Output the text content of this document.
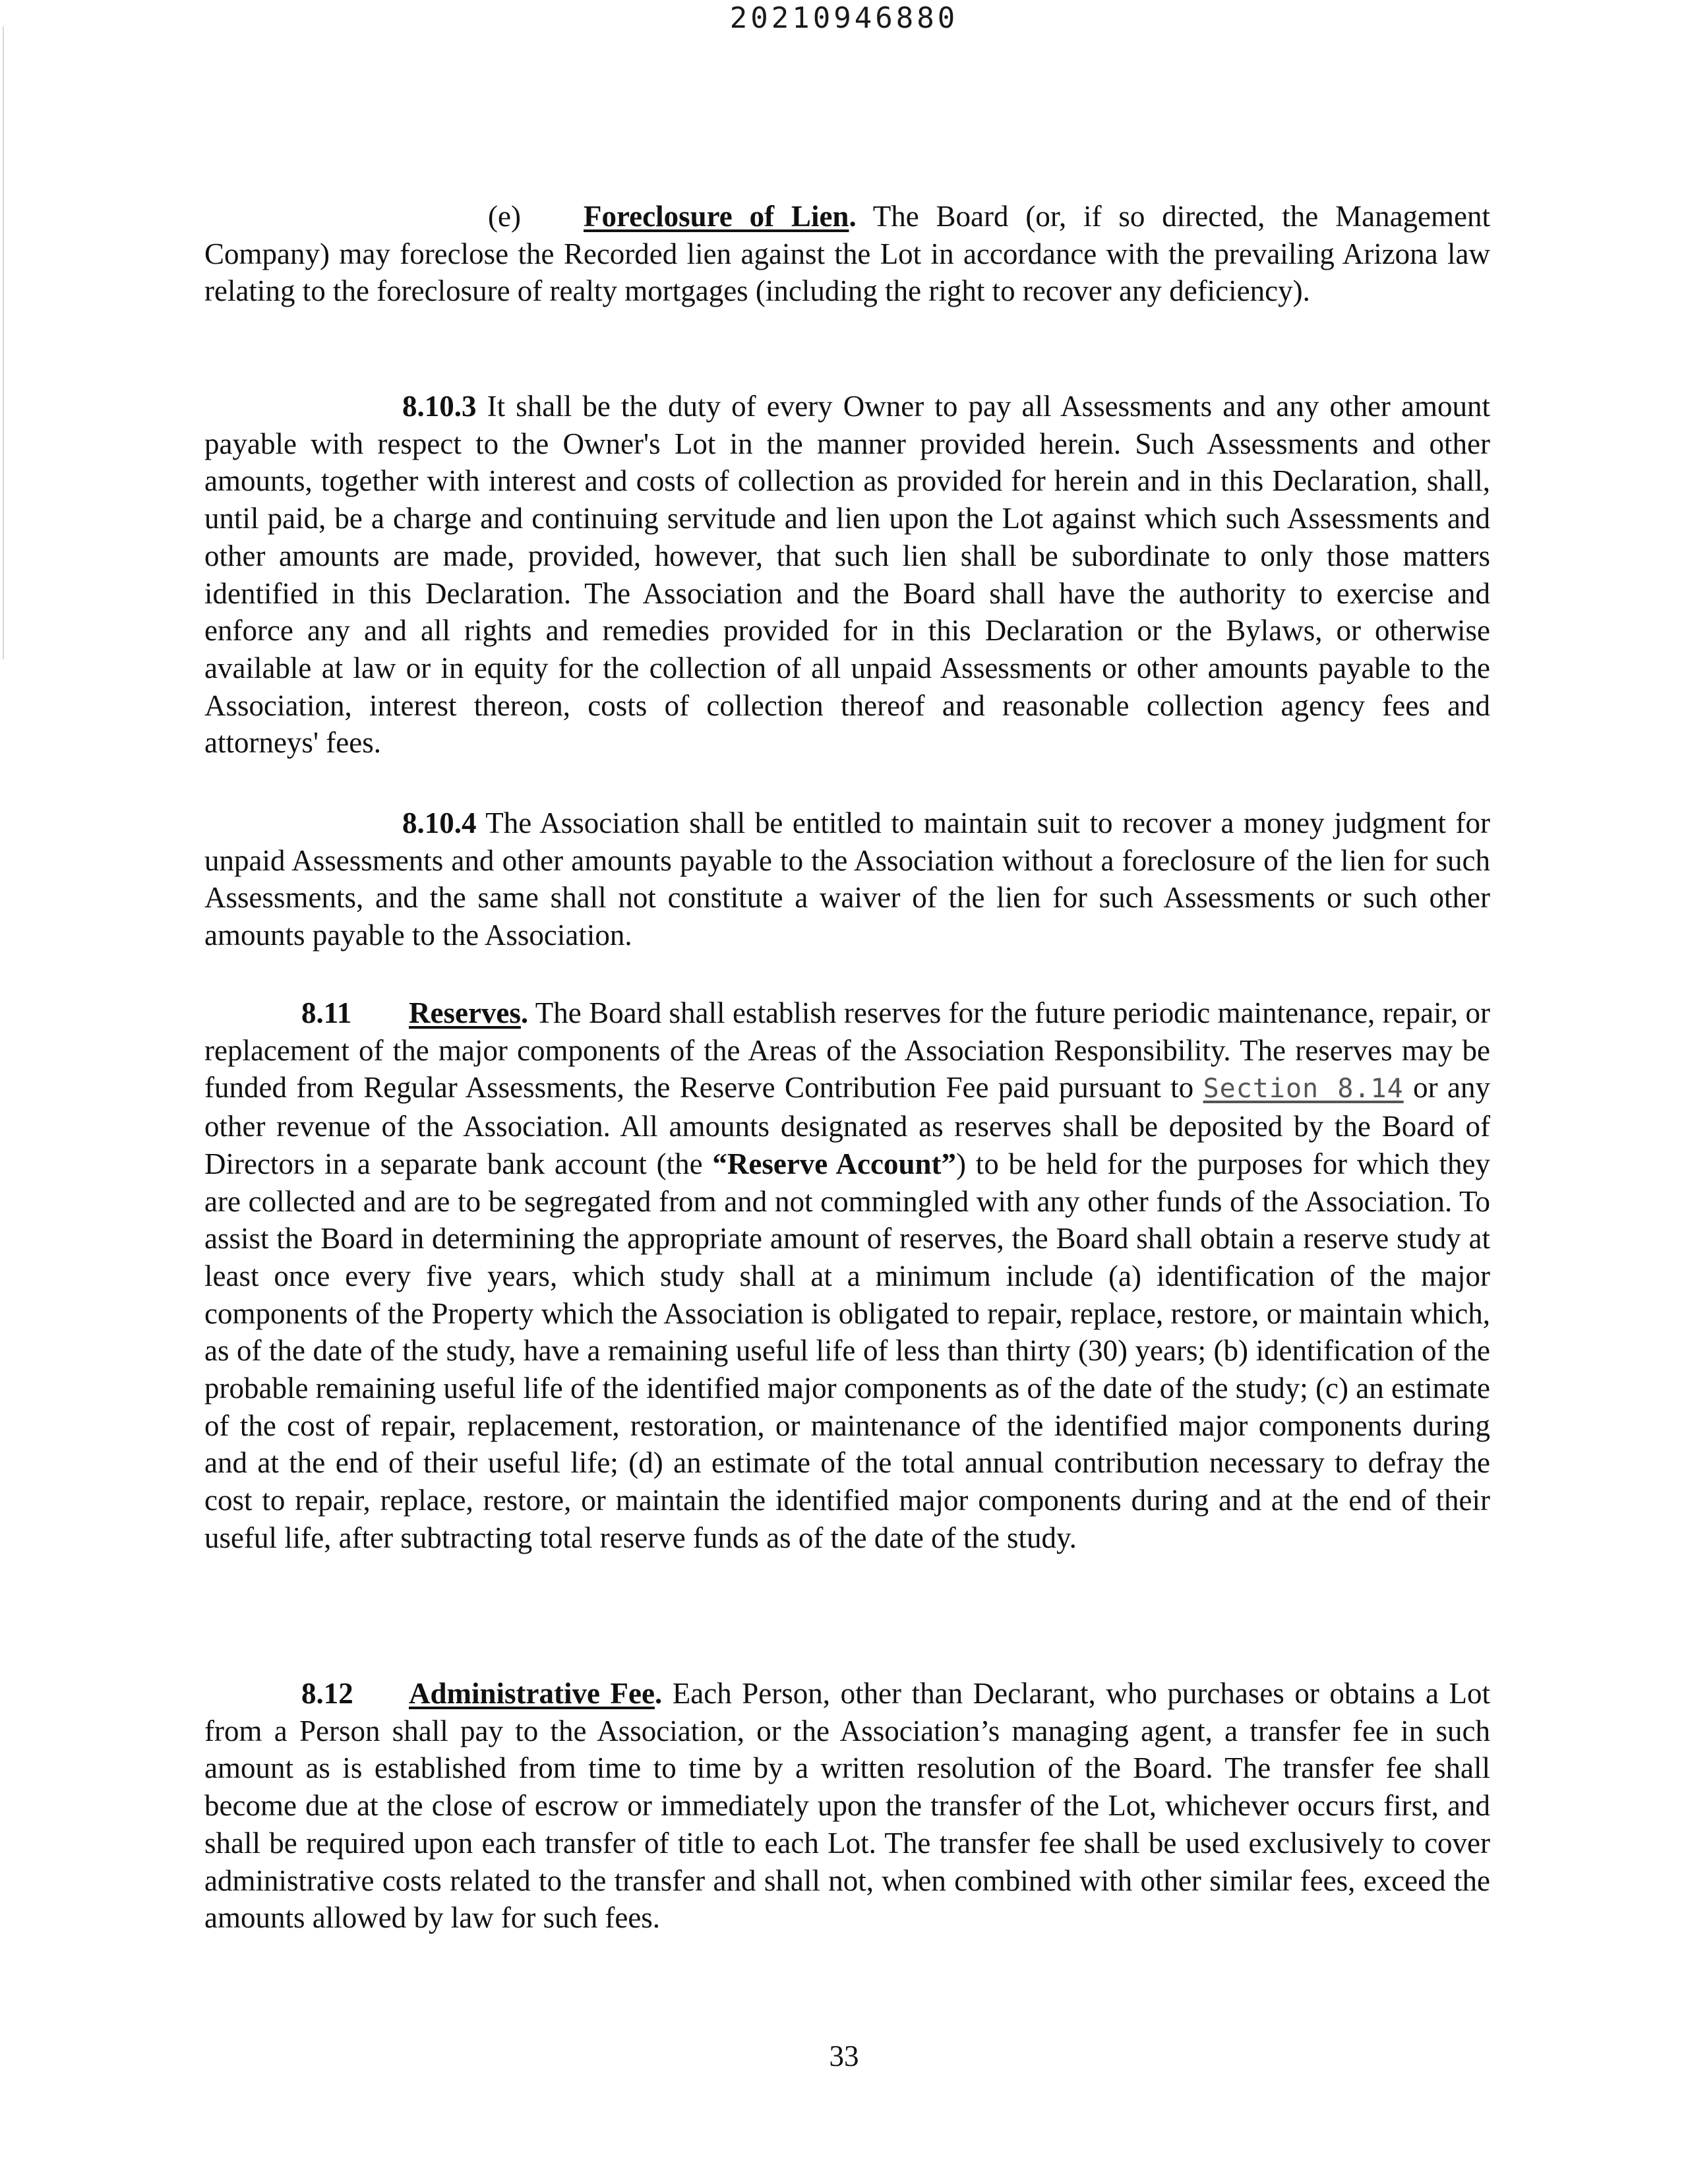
20210946880

(e) Foreclosure of Lien. The Board (or, if so directed, the Management Company) may foreclose the Recorded lien against the Lot in accordance with the prevailing Arizona law relating to the foreclosure of realty mortgages (including the right to recover any deficiency).

8.10.3 It shall be the duty of every Owner to pay all Assessments and any other amount payable with respect to the Owner's Lot in the manner provided herein. Such Assessments and other amounts, together with interest and costs of collection as provided for herein and in this Declaration, shall, until paid, be a charge and continuing servitude and lien upon the Lot against which such Assessments and other amounts are made, provided, however, that such lien shall be subordinate to only those matters identified in this Declaration. The Association and the Board shall have the authority to exercise and enforce any and all rights and remedies provided for in this Declaration or the Bylaws, or otherwise available at law or in equity for the collection of all unpaid Assessments or other amounts payable to the Association, interest thereon, costs of collection thereof and reasonable collection agency fees and attorneys' fees.

8.10.4 The Association shall be entitled to maintain suit to recover a money judgment for unpaid Assessments and other amounts payable to the Association without a foreclosure of the lien for such Assessments, and the same shall not constitute a waiver of the lien for such Assessments or such other amounts payable to the Association.

8.11 Reserves. The Board shall establish reserves for the future periodic maintenance, repair, or replacement of the major components of the Areas of the Association Responsibility. The reserves may be funded from Regular Assessments, the Reserve Contribution Fee paid pursuant to Section 8.14 or any other revenue of the Association. All amounts designated as reserves shall be deposited by the Board of Directors in a separate bank account (the “Reserve Account”) to be held for the purposes for which they are collected and are to be segregated from and not commingled with any other funds of the Association. To assist the Board in determining the appropriate amount of reserves, the Board shall obtain a reserve study at least once every five years, which study shall at a minimum include (a) identification of the major components of the Property which the Association is obligated to repair, replace, restore, or maintain which, as of the date of the study, have a remaining useful life of less than thirty (30) years; (b) identification of the probable remaining useful life of the identified major components as of the date of the study; (c) an estimate of the cost of repair, replacement, restoration, or maintenance of the identified major components during and at the end of their useful life; (d) an estimate of the total annual contribution necessary to defray the cost to repair, replace, restore, or maintain the identified major components during and at the end of their useful life, after subtracting total reserve funds as of the date of the study.

8.12 Administrative Fee. Each Person, other than Declarant, who purchases or obtains a Lot from a Person shall pay to the Association, or the Association’s managing agent, a transfer fee in such amount as is established from time to time by a written resolution of the Board. The transfer fee shall become due at the close of escrow or immediately upon the transfer of the Lot, whichever occurs first, and shall be required upon each transfer of title to each Lot. The transfer fee shall be used exclusively to cover administrative costs related to the transfer and shall not, when combined with other similar fees, exceed the amounts allowed by law for such fees.

33
